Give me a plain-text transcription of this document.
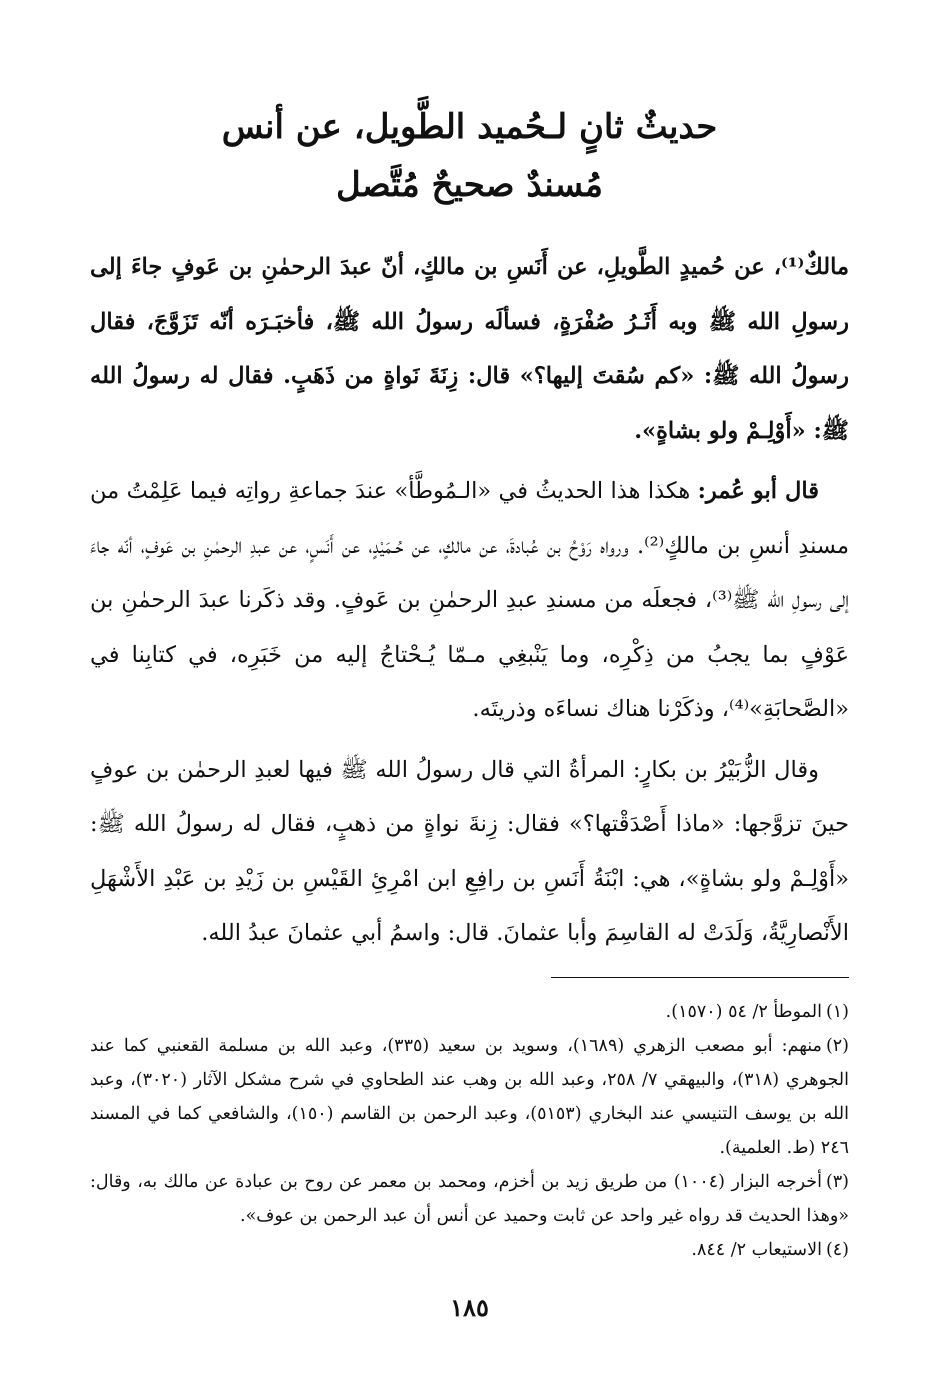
حديثٌ ثانٍ لـحُميد الطَّويل، عن أنس
مُسندٌ صحيحٌ مُتَّصل

مالكٌ⁽¹⁾، عن حُميدٍ الطَّويلِ، عن أَنَسِ بن مالكٍ، أنّ عبدَ الرحمٰنِ بن عَوفٍ جاءَ إلى رسولِ الله ﷺ وبه أَثَـرُ صُفْرَةٍ، فسألَه رسولُ الله ﷺ، فأخبَـرَه أنّه تَزَوَّجَ، فقال رسولُ الله ﷺ: «كم سُقتَ إليها؟» قال: زِنَةَ نَواةٍ من ذَهَبٍ. فقال له رسولُ الله ﷺ: «أَوْلِـمْ ولو بشاةٍ».

قال أبو عُمر: هكذا هذا الحديثُ في «الـمُوطَّأ» عندَ جماعةِ رواتِه فيما عَلِمْتُ من مسندِ أنسِ بن مالكٍ⁽²⁾. ورواه رَوْحُ بن عُبادةَ، عن مالكٍ، عن حُـمَيْدٍ، عن أَنَسٍ، عن عبدِ الرحمٰنِ بن عَوفٍ، أنّه جاءَ إلى رسولِ الله ﷺ⁽³⁾، فجعلَه من مسندِ عبدِ الرحمٰنِ بن عَوفٍ. وقد ذكَرنا عبدَ الرحمٰنِ بن عَوْفٍ بما يجبُ من ذِكْرِه، وما يَنْبغِي مـمّا يُـحْتاجُ إليه من خَبَرِه، في كتابِنا في «الصَّحابَةِ»⁽⁴⁾، وذكَرْنا هناك نساءَه وذريتَه.

وقال الزُّبَيْرُ بن بكارٍ: المرأةُ التي قال رسولُ الله ﷺ فيها لعبدِ الرحمٰن بن عوفٍ حينَ تزوَّجها: «ماذا أَصْدَقْتها؟» فقال: زِنةَ نواةٍ من ذهبٍ، فقال له رسولُ الله ﷺ: «أَوْلِـمْ ولو بشاةٍ»، هي: ابْنَةُ أَنَسِ بن رافِعِ ابن امْرِئِ القَيْسِ بن زَيْدِ بن عَبْدِ الأَشْهَلِ الأَنْصارِيَّةُ، وَلَدَتْ له القاسِمَ وأبا عثمانَ. قال: واسمُ أبي عثمانَ عبدُ الله.

(١)الموطأ ٢/ ٥٤ (١٥٧٠).

(٢)منهم: أبو مصعب الزهري (١٦٨٩)، وسويد بن سعيد (٣٣٥)، وعبد الله بن مسلمة القعنبي كما عند الجوهري (٣١٨)، والبيهقي ٧/ ٢٥٨، وعبد الله بن وهب عند الطحاوي في شرح مشكل الآثار (٣٠٢٠)، وعبد الله بن يوسف التنيسي عند البخاري (٥١٥٣)، وعبد الرحمن بن القاسم (١٥٠)، والشافعي كما في المسند ٢٤٦ (ط. العلمية).

(٣)أخرجه البزار (١٠٠٤) من طريق زيد بن أخزم، ومحمد بن معمر عن روح بن عبادة عن مالك به، وقال: «وهذا الحديث قد رواه غير واحد عن ثابت وحميد عن أنس أن عبد الرحمن بن عوف».

(٤)الاستيعاب ٢/ ٨٤٤.

١٨٥
